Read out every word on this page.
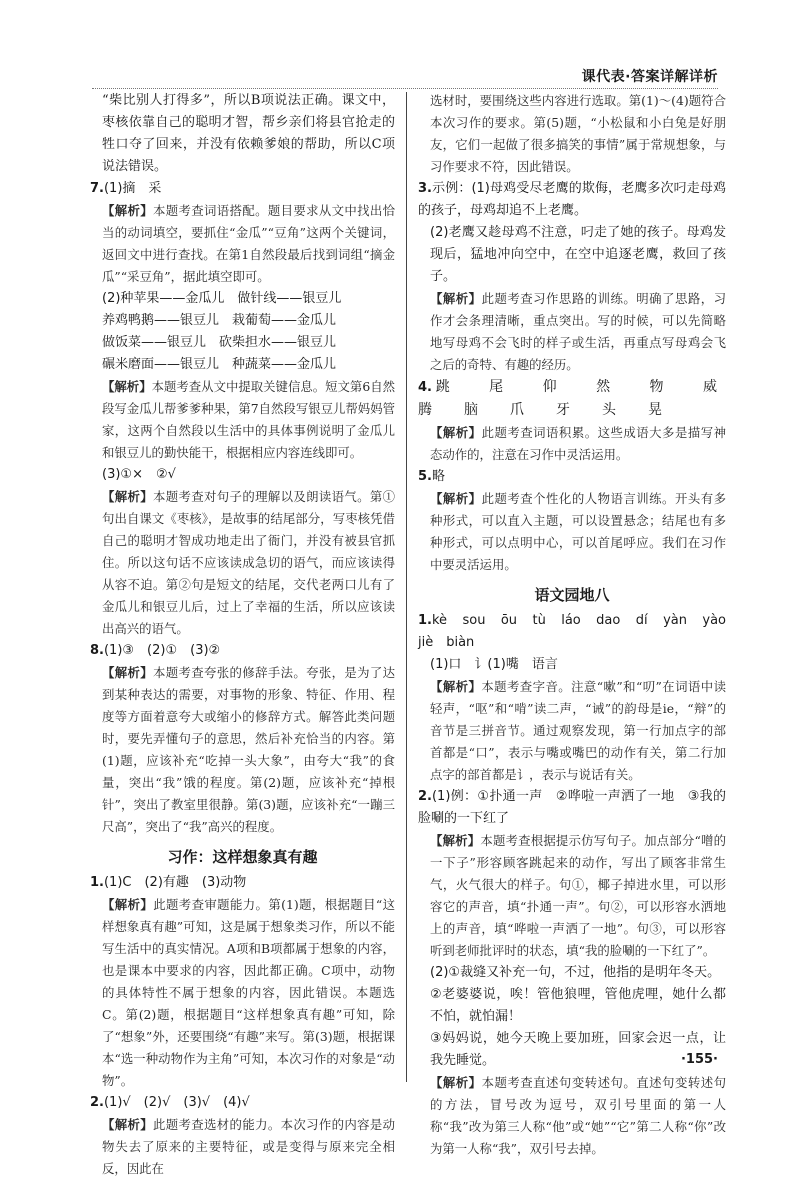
课代表·答案详解详析

“柴比别人打得多”，所以B项说法正确。课文中，枣核依靠自己的聪明才智，帮乡亲们将县官抢走的牲口夺了回来，并没有依赖爹娘的帮助，所以C项说法错误。

7.(1)摘　采

【解析】本题考查词语搭配。题目要求从文中找出恰当的动词填空，要抓住“金瓜”“豆角”这两个关键词，返回文中进行查找。在第1自然段最后找到词组“摘金瓜”“采豆角”，据此填空即可。

(2)种苹果——金瓜儿　做针线——银豆儿

养鸡鸭鹅——银豆儿　栽葡萄——金瓜儿

做饭菜——银豆儿　砍柴担水——银豆儿

碾米磨面——银豆儿　种蔬菜——金瓜儿

【解析】本题考查从文中提取关键信息。短文第6自然段写金瓜儿帮爹爹种果，第7自然段写银豆儿帮妈妈管家，这两个自然段以生活中的具体事例说明了金瓜儿和银豆儿的勤快能干，根据相应内容连线即可。

(3)①×　②√

【解析】本题考查对句子的理解以及朗读语气。第①句出自课文《枣核》，是故事的结尾部分，写枣核凭借自己的聪明才智成功地走出了衙门，并没有被县官抓住。所以这句话不应该读成急切的语气，而应该读得从容不迫。第②句是短文的结尾，交代老两口儿有了金瓜儿和银豆儿后，过上了幸福的生活，所以应该读出高兴的语气。

8.(1)③　(2)①　(3)②

【解析】本题考查夸张的修辞手法。夸张，是为了达到某种表达的需要，对事物的形象、特征、作用、程度等方面着意夸大或缩小的修辞方式。解答此类问题时，要先弄懂句子的意思，然后补充恰当的内容。第(1)题，应该补充“吃掉一头大象”，由夸大“我”的食量，突出“我”饿的程度。第(2)题，应该补充“掉根针”，突出了教室里很静。第(3)题，应该补充“一蹦三尺高”，突出了“我”高兴的程度。

习作：这样想象真有趣

1.(1)C　(2)有趣　(3)动物

【解析】此题考查审题能力。第(1)题，根据题目“这样想象真有趣”可知，这是属于想象类习作，所以不能写生活中的真实情况。A项和B项都属于想象的内容，也是课本中要求的内容，因此都正确。C项中，动物的具体特性不属于想象的内容，因此错误。本题选C。第(2)题，根据题目“这样想象真有趣”可知，除了“想象”外，还要围绕“有趣”来写。第(3)题，根据课本“选一种动物作为主角”可知，本次习作的对象是“动物”。

2.(1)√　(2)√　(3)√　(4)√

【解析】此题考查选材的能力。本次习作的内容是动物失去了原来的主要特征，或是变得与原来完全相反，因此在

选材时，要围绕这些内容进行选取。第(1)～(4)题符合本次习作的要求。第(5)题，“小松鼠和小白兔是好朋友，它们一起做了很多搞笑的事情”属于常规想象，与习作要求不符，因此错误。

3.示例：(1)母鸡受尽老鹰的欺侮，老鹰多次叼走母鸡的孩子，母鸡却追不上老鹰。

(2)老鹰又趁母鸡不注意，叼走了她的孩子。母鸡发现后，猛地冲向空中，在空中追逐老鹰，救回了孩子。

【解析】此题考查习作思路的训练。明确了思路，习作才会条理清晰，重点突出。写的时候，可以先简略地写母鸡不会飞时的样子或生活，再重点写母鸡会飞之后的奇特、有趣的经历。

4.跳　尾　仰　然　物　威　腾　脑　爪　牙　头　晃

【解析】此题考查词语积累。这些成语大多是描写神态动作的，注意在习作中灵活运用。

5.略

【解析】此题考查个性化的人物语言训练。开头有多种形式，可以直入主题，可以设置悬念；结尾也有多种形式，可以点明中心，可以首尾呼应。我们在习作中要灵活运用。

语文园地八

1.kè　sou　ōu　tù　láo　dao　dí　yàn　yào　jiè　biàn

(1)口　讠(1)嘴　语言

【解析】本题考查字音。注意“嗽”和“叨”在词语中读轻声，“呕”和“啃”读二声，“诫”的韵母是ie，“辩”的音节是三拼音节。通过观察发现，第一行加点字的部首都是“口”，表示与嘴或嘴巴的动作有关，第二行加点字的部首都是讠，表示与说话有关。

2.(1)例：①扑通一声　②哗啦一声洒了一地　③我的脸唰的一下红了

【解析】本题考查根据提示仿写句子。加点部分“噌的一下子”形容顾客跳起来的动作，写出了顾客非常生气，火气很大的样子。句①，椰子掉进水里，可以形容它的声音，填“扑通一声”。句②，可以形容水洒地上的声音，填“哗啦一声洒了一地”。句③，可以形容听到老师批评时的状态，填“我的脸唰的一下红了”。

(2)①裁缝又补充一句，不过，他指的是明年冬天。

②老婆婆说，唉！管他狼哩，管他虎哩，她什么都不怕，就怕漏！

③妈妈说，她今天晚上要加班，回家会迟一点，让我先睡觉。

【解析】本题考查直述句变转述句。直述句变转述句的方法，冒号改为逗号，双引号里面的第一人称“我”改为第三人称“他”或“她”“它”第二人称“你”改为第一人称“我”，双引号去掉。

·155·
